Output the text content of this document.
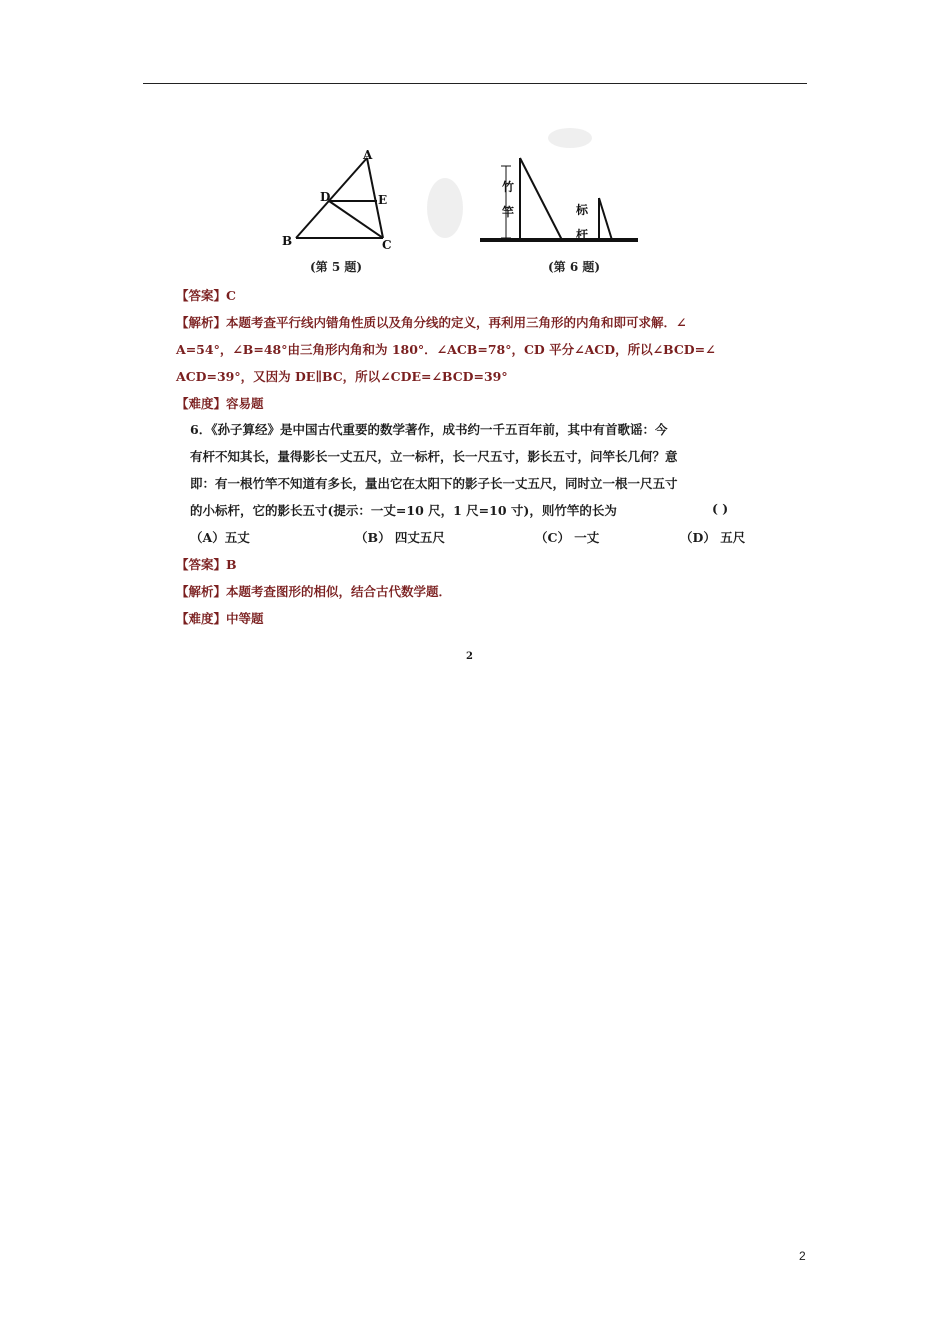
A
D	E
B	C
竹
竿	标
杆
(第 5 题)	(第 6 题)
【答案】C
【解析】本题考查平行线内错角性质以及角分线的定义，再利用三角形的内角和即可求解．∠
A=54°，∠B=48°由三角形内角和为 180°．∠ACB=78°，CD 平分∠ACD，所以∠BCD=∠
ACD=39°，又因为 DE∥BC，所以∠CDE=∠BCD=39°
【难度】容易题
6．《孙子算经》是中国古代重要的数学著作，成书约一千五百年前，其中有首歌谣：今
有杆不知其长，量得影长一丈五尺，立一标杆，长一尺五寸，影长五寸，问竿长几何？意
即：有一根竹竿不知道有多长，量出它在太阳下的影子长一丈五尺，同时立一根一尺五寸
的小标杆，它的影长五寸(提示：一丈=10 尺，1 尺=10 寸)，则竹竿的长为	( )
（A）五丈	（B） 四丈五尺	（C） 一丈	（D） 五尺
【答案】B
【解析】本题考查图形的相似，结合古代数学题．
【难度】中等题
2
2
